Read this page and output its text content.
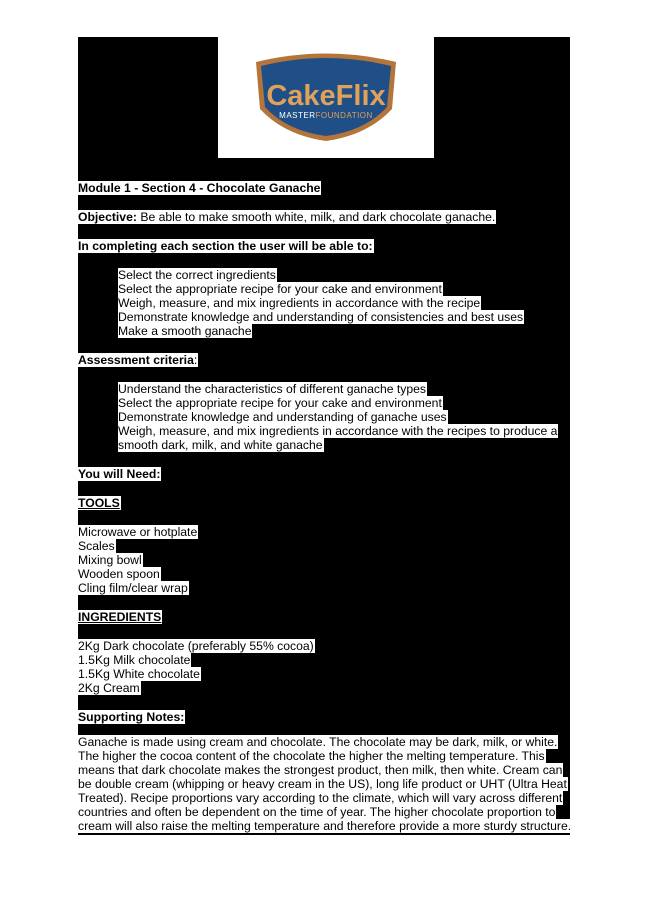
CakeFlix
MASTERFOUNDATION
Module 1 - Section 4 - Chocolate Ganache
Objective: Be able to make smooth white, milk, and dark chocolate ganache.
In completing each section the user will be able to:
Select the correct ingredients
Select the appropriate recipe for your cake and environment
Weigh, measure, and mix ingredients in accordance with the recipe
Demonstrate knowledge and understanding of consistencies and best uses
Make a smooth ganache
Assessment criteria:
Understand the characteristics of different ganache types
Select the appropriate recipe for your cake and environment
Demonstrate knowledge and understanding of ganache uses
Weigh, measure, and mix ingredients in accordance with the recipes to produce a
smooth dark, milk, and white ganache
You will Need:
TOOLS
Microwave or hotplate
Scales
Mixing bowl
Wooden spoon
Cling film/clear wrap
INGREDIENTS
2Kg Dark chocolate (preferably 55% cocoa)
1.5Kg Milk chocolate
1.5Kg White chocolate
2Kg Cream
Supporting Notes:
Ganache is made using cream and chocolate. The chocolate may be dark, milk, or white.
The higher the cocoa content of the chocolate the higher the melting temperature. This
means that dark chocolate makes the strongest product, then milk, then white. Cream can
be double cream (whipping or heavy cream in the US), long life product or UHT (Ultra Heat
Treated). Recipe proportions vary according to the climate, which will vary across different
countries and often be dependent on the time of year. The higher chocolate proportion to
cream will also raise the melting temperature and therefore provide a more sturdy structure.
